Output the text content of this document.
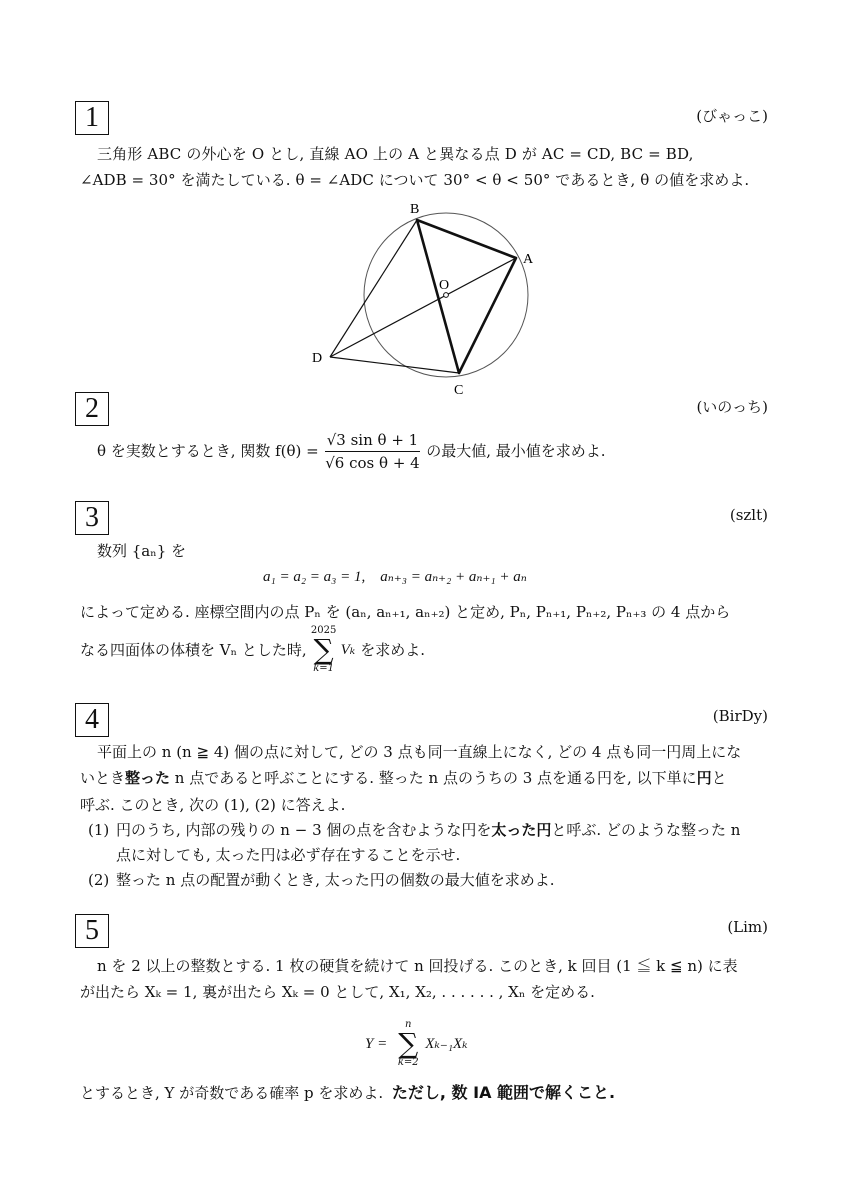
1	(びゃっこ)
三角形 ABC の外心を O とし, 直線 AO 上の A と異なる点 D が AC = CD, BC = BD,
∠ADB = 30° を満たしている. θ = ∠ADC について 30° < θ < 50° であるとき, θ の値を求めよ.
B
A
O
D
C
2	(いのっち)
θ を実数とするとき, 関数 $f(\theta) = \frac{\text{√3 sin θ + 1}}{\text{√6 cos θ + 4}}$ の最大値, 最小値を求めよ.
3	(szlt)
数列 {aₙ} を
a₁ = a₂ = a₃ = 1,    aₙ₊₃ = aₙ₊₂ + aₙ₊₁ + aₙ
によって定める. 座標空間内の点 Pₙ を (aₙ, aₙ₊₁, aₙ₊₂) と定め, Pₙ, Pₙ₊₁, Pₙ₊₂, Pₙ₊₃ の 4 点から
なる四面体の体積を Vₙ とした時,
2025
∑
k=1
Vₖ を求めよ.
4	(BirDy)
平面上の n (n ≧ 4) 個の点に対して, どの 3 点も同一直線上になく, どの 4 点も同一円周上にな
いとき整った n 点であると呼ぶことにする. 整った n 点のうちの 3 点を通る円を, 以下単に円と
呼ぶ. このとき, 次の (1), (2) に答えよ.
(1) 円のうち, 内部の残りの n − 3 個の点を含むような円を太った円と呼ぶ. どのような整った n
点に対しても, 太った円は必ず存在することを示せ.
(2) 整った n 点の配置が動くとき, 太った円の個数の最大値を求めよ.
5	(Lim)
n を 2 以上の整数とする. 1 枚の硬貨を続けて n 回投げる. このとき, k 回目 (1 ≦ k ≦ n) に表
が出たら Xₖ = 1, 裏が出たら Xₖ = 0 として, X₁, X₂, . . . . . . , Xₙ を定める.
Y =
n
∑
k=2
Xₖ₋₁Xₖ
とするとき, Y が奇数である確率 p を求めよ. ただし, 数 IA 範囲で解くこと.
